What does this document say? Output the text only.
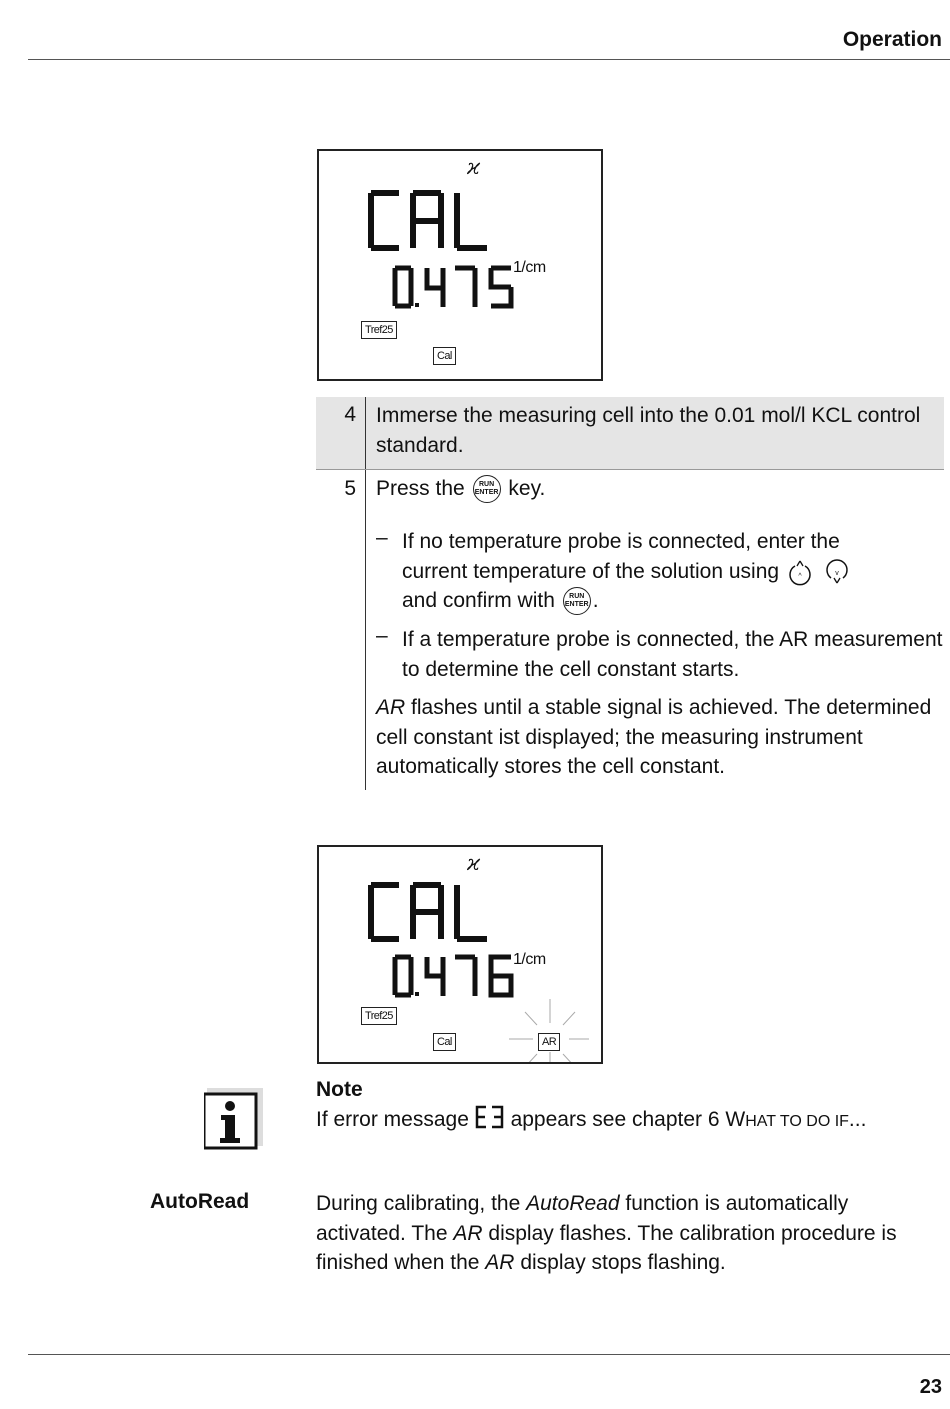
Operation
ϰ
1/cm
Tref25
Cal
4 Immerse the measuring cell into the 0.01 mol/l KCL control standard.
5 Press the RUN
ENTER key.
– If no temperature probe is connected, enter the
current temperature of the solution using	^
	v
and confirm with RUN
ENTER .
– If a temperature probe is connected, the AR measurement to determine the cell constant starts.
AR flashes until a stable signal is achieved. The determined cell constant ist displayed; the measuring instrument automatically stores the cell constant.
ϰ
1/cm
Tref25
Cal	AR
Note
If error message  appears see chapter 6 WHAT TO DO IF...
AutoRead	During calibrating, the AutoRead function is automatically activated. The AR display flashes. The calibration procedure is finished when the AR display stops flashing.
23
